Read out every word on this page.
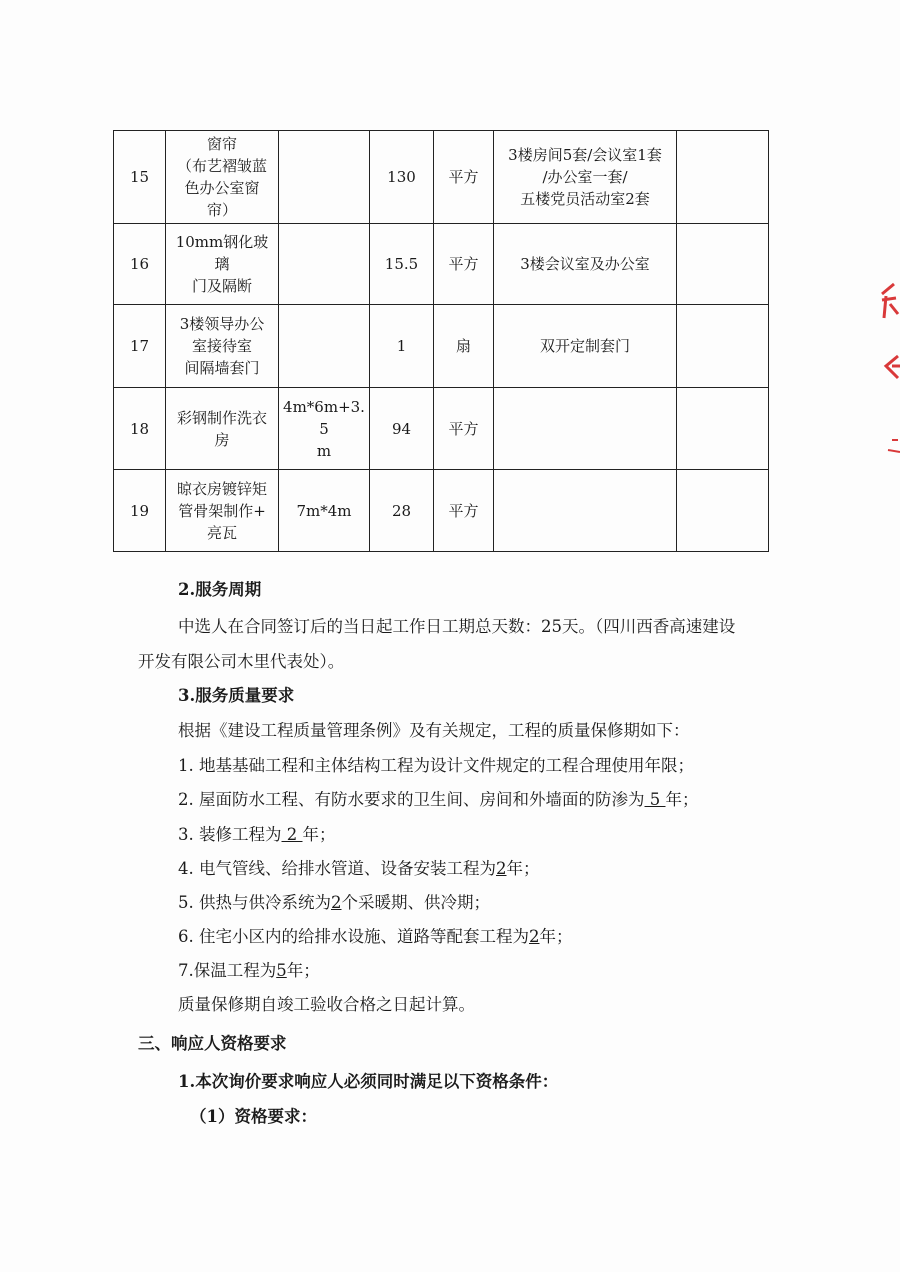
15	窗帘
（布艺褶皱蓝
色办公室窗
帘）		130	平方	3楼房间5套/会议室1套
/办公室一套/
五楼党员活动室2套	

16	10mm钢化玻璃
门及隔断		15.5	平方	3楼会议室及办公室	

17	3楼领导办公
室接待室
间隔墙套门		1	扇	双开定制套门	

18	彩钢制作洗衣
房	4m*6m+3.5
m	94	平方		
19	晾衣房镀锌矩
管骨架制作+
亮瓦	7m*4m	28	平方		
2.服务周期
中选人在合同签订后的当日起工作日工期总天数：25天。（四川西香高速建设
开发有限公司木里代表处）。
3.服务质量要求
根据《建设工程质量管理条例》及有关规定，工程的质量保修期如下：
1. 地基基础工程和主体结构工程为设计文件规定的工程合理使用年限；
2. 屋面防水工程、有防水要求的卫生间、房间和外墙面的防渗为 5 年；
3. 装修工程为 2 年；
4. 电气管线、给排水管道、设备安装工程为2年；
5. 供热与供冷系统为2个采暖期、供冷期；
6. 住宅小区内的给排水设施、道路等配套工程为2年；
7.保温工程为5年；
质量保修期自竣工验收合格之日起计算。
三、响应人资格要求
1.本次询价要求响应人必须同时满足以下资格条件：
（1）资格要求：
